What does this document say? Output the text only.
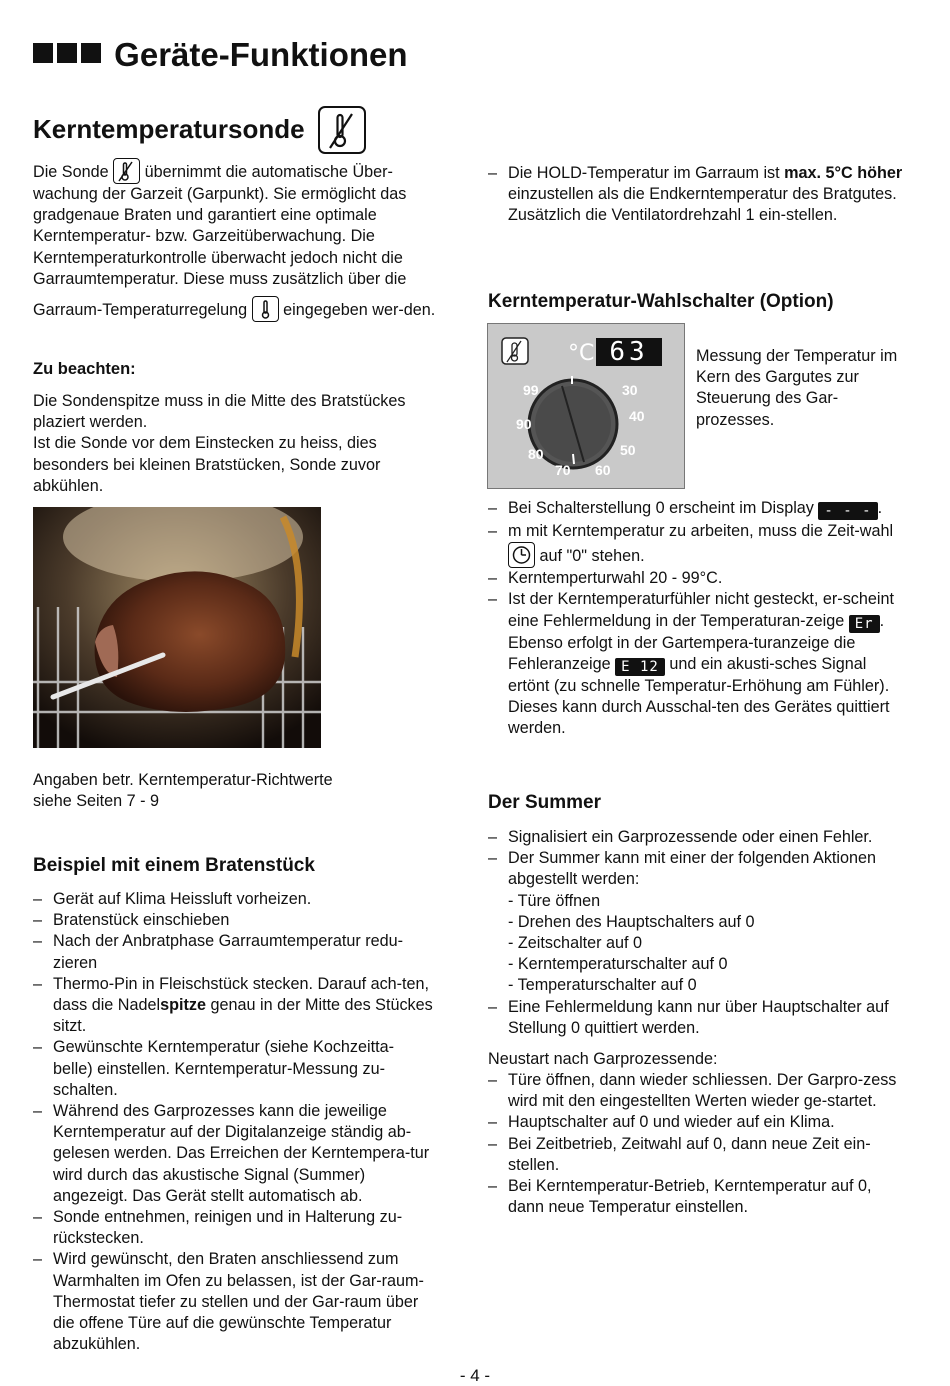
Geräte-Funktionen
Kerntemperatursonde

Die Sonde übernimmt die automatische Über-wachung der Garzeit (Garpunkt). Sie ermöglicht das gradgenaue Braten und garantiert eine optimale Kerntemperatur- bzw. Garzeitüberwachung. Die Kerntemperaturkontrolle überwacht jedoch nicht die Garraumtemperatur. Diese muss zusätzlich über die

Garraum-Temperaturregelung eingegeben wer-den.

Zu beachten:

Die Sondenspitze muss in die Mitte des Bratstückes plaziert werden.

Ist die Sonde vor dem Einstecken zu heiss, dies besonders bei kleinen Bratstücken, Sonde zuvor abkühlen.

Angaben betr. Kerntemperatur-Richtwerte

siehe Seiten 7 - 9

Beispiel mit einem Bratenstück
– Gerät auf Klima Heissluft vorheizen.
– Bratenstück einschieben
– Nach der Anbratphase Garraumtemperatur redu-zieren
– Thermo-Pin in Fleischstück stecken. Darauf ach-ten, dass die Nadelspitze genau in der Mitte des Stückes sitzt.
– Gewünschte Kerntemperatur (siehe Kochzeitta-belle) einstellen. Kerntemperatur-Messung zu-schalten.
– Während des Garprozesses kann die jeweilige Kerntemperatur auf der Digitalanzeige ständig ab-gelesen werden. Das Erreichen der Kerntempera-tur wird durch das akustische Signal (Summer) angezeigt. Das Gerät stellt automatisch ab.
– Sonde entnehmen, reinigen und in Halterung zu-rückstecken.
– Wird gewünscht, den Braten anschliessend zum Warmhalten im Ofen zu belassen, ist der Gar-raum-Thermostat tiefer zu stellen und der Gar-raum über die offene Türe auf die gewünschte Temperatur abzukühlen.
– Die HOLD-Temperatur im Garraum ist max. 5°C höher einzustellen als die Endkerntemperatur des Bratgutes. Zusätzlich die Ventilatordrehzahl 1 ein-stellen.
Kerntemperatur-Wahlschalter (Option)
°C 63
99	30
90	40
80	50
70 60
Messung der Temperatur im Kern des Gargutes zur Steuerung des Gar-prozesses.
– Bei Schalterstellung 0 erscheint im Display - - - .
– m mit Kerntemperatur zu arbeiten, muss die Zeit-wahl  auf "0" stehen.
– Kerntemperturwahl 20 - 99°C.
– Ist der Kerntemperaturfühler nicht gesteckt, er-scheint eine Fehlermeldung in der Temperaturan-zeige Er . Ebenso erfolgt in der Gartempera-turanzeige die Fehleranzeige E 12 und ein akusti-sches Signal ertönt (zu schnelle Temperatur-Erhöhung am Fühler). Dieses kann durch Ausschal-ten des Gerätes quittiert werden.
Der Summer
– Signalisiert ein Garprozessende oder einen Fehler.
– Der Summer kann mit einer der folgenden Aktionen abgestellt werden:
- Türe öffnen
- Drehen des Hauptschalters auf 0
- Zeitschalter auf 0
- Kerntemperaturschalter auf 0
- Temperaturschalter auf 0
– Eine Fehlermeldung kann nur über Hauptschalter auf Stellung 0 quittiert werden.
Neustart nach Garprozessende:
– Türe öffnen, dann wieder schliessen. Der Garpro-zess wird mit den eingestellten Werten wieder ge-startet.
– Hauptschalter auf 0 und wieder auf ein Klima.
– Bei Zeitbetrieb, Zeitwahl auf 0, dann neue Zeit ein-stellen.
– Bei Kerntemperatur-Betrieb, Kerntemperatur auf 0, dann neue Temperatur einstellen.
- 4 -
